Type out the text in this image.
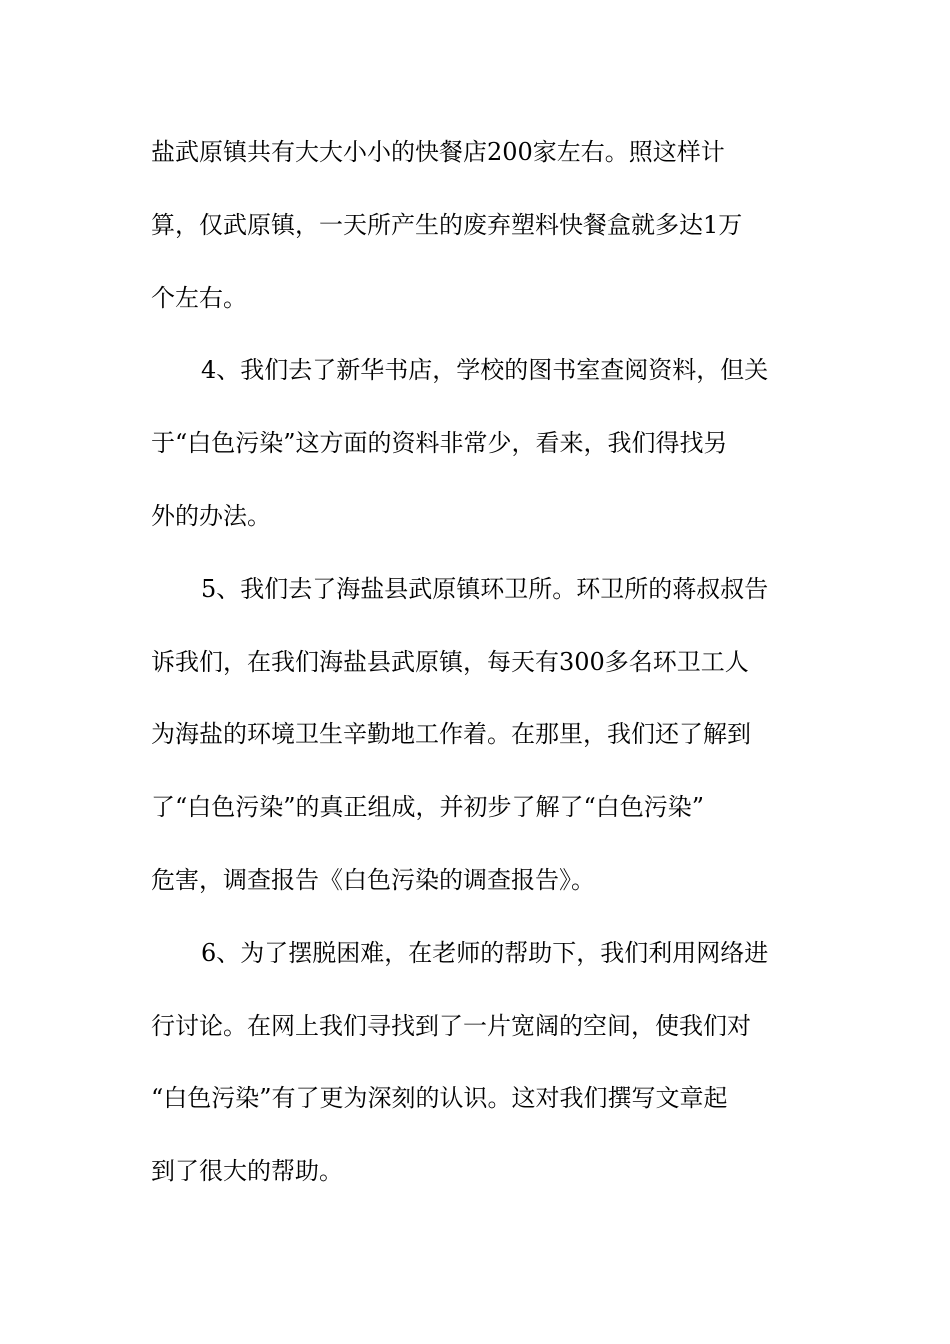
盐武原镇共有大大小小的快餐店200家左右。照这样计
算，仅武原镇，一天所产生的废弃塑料快餐盒就多达1万
个左右。
4、我们去了新华书店，学校的图书室查阅资料，但关
于“白色污染”这方面的资料非常少，看来，我们得找另
外的办法。
5、我们去了海盐县武原镇环卫所。环卫所的蒋叔叔告
诉我们，在我们海盐县武原镇，每天有300多名环卫工人
为海盐的环境卫生辛勤地工作着。在那里，我们还了解到
了“白色污染”的真正组成，并初步了解了“白色污染”
危害，调查报告《白色污染的调查报告》。
6、为了摆脱困难，在老师的帮助下，我们利用网络进
行讨论。在网上我们寻找到了一片宽阔的空间，使我们对
“白色污染”有了更为深刻的认识。这对我们撰写文章起
到了很大的帮助。
